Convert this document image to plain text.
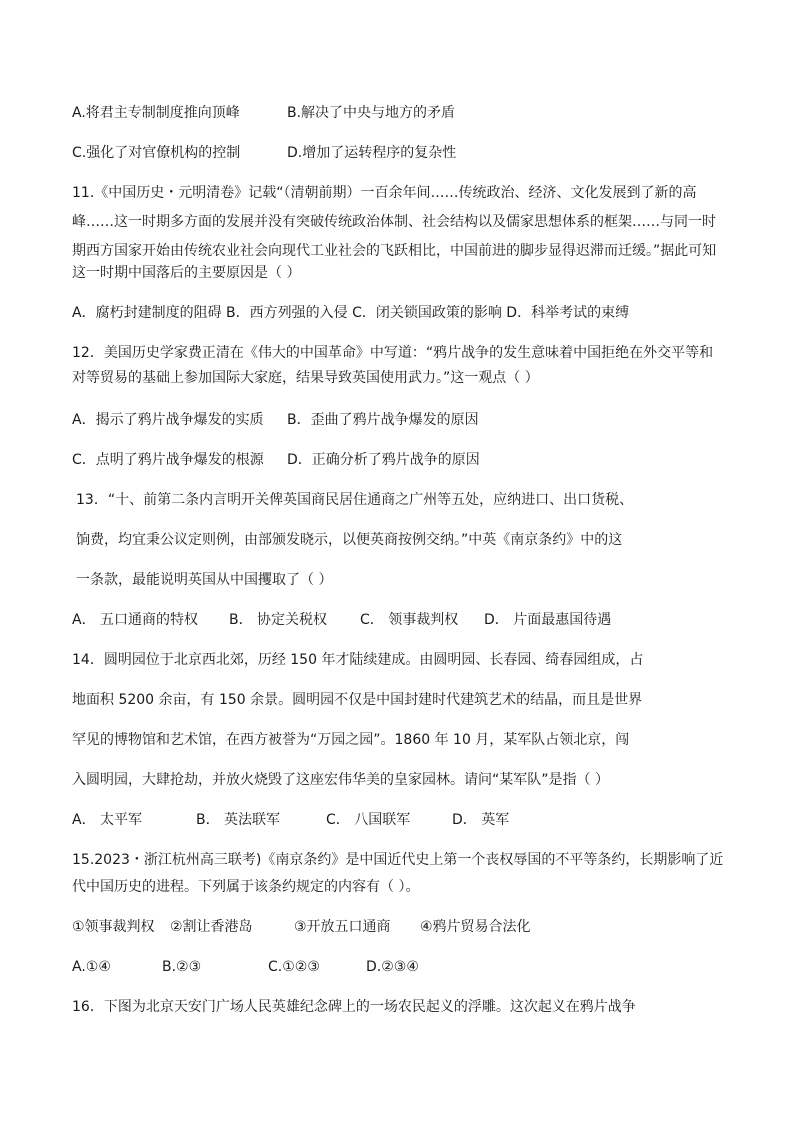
A.将君主专制制度推向顶峰	B.解决了中央与地方的矛盾
C.强化了对官僚机构的控制	D.增加了运转程序的复杂性
11.《中国历史・元明清卷》记载“（清朝前期）一百余年间……传统政治、经济、文化发展到了新的高
峰……这一时期多方面的发展并没有突破传统政治体制、社会结构以及儒家思想体系的框架……与同一时
期西方国家开始由传统农业社会向现代工业社会的飞跃相比，中国前进的脚步显得迟滞而迁缓。”据此可知
这一时期中国落后的主要原因是（ ）
A．腐朽封建制度的阻碍 B．西方列强的入侵 C．闭关锁国政策的影响 D．科举考试的束缚
12．美国历史学家费正清在《伟大的中国革命》中写道：“鸦片战争的发生意味着中国拒绝在外交平等和
对等贸易的基础上参加国际大家庭，结果导致英国使用武力。”这一观点（ ）
A．揭示了鸦片战争爆发的实质 B．歪曲了鸦片战争爆发的原因
C．点明了鸦片战争爆发的根源 D．正确分析了鸦片战争的原因
13．“十、前第二条内言明开关俾英国商民居住通商之广州等五处，应纳进口、出口货税、
饷费，均宜秉公议定则例，由部颁发晓示，以便英商按例交纳。”中英《南京条约》中的这
一条款，最能说明英国从中国攫取了（ ）
A． 五口通商的特权 B． 协定关税权 C． 领事裁判权 D． 片面最惠国待遇
14．圆明园位于北京西北郊，历经 150 年才陆续建成。由圆明园、长春园、绮春园组成，占
地面积 5200 余亩，有 150 余景。圆明园不仅是中国封建时代建筑艺术的结晶，而且是世界
罕见的博物馆和艺术馆，在西方被誉为“万园之园”。1860 年 10 月，某军队占领北京，闯
入圆明园，大肆抢劫，并放火烧毁了这座宏伟华美的皇家园林。请问“某军队”是指（ ）
A． 太平军	B． 英法联军	C． 八国联军	D． 英军
15.2023・浙江杭州高三联考)《南京条约》是中国近代史上第一个丧权辱国的不平等条约，长期影响了近
代中国历史的进程。下列属于该条约规定的内容有（ ）。
①领事裁判权 ②割让香港岛	③开放五口通商 ④鸦片贸易合法化
A.①④	B.②③	C.①②③	D.②③④
16．下图为北京天安门广场人民英雄纪念碑上的一场农民起义的浮雕。这次起义在鸦片战争
